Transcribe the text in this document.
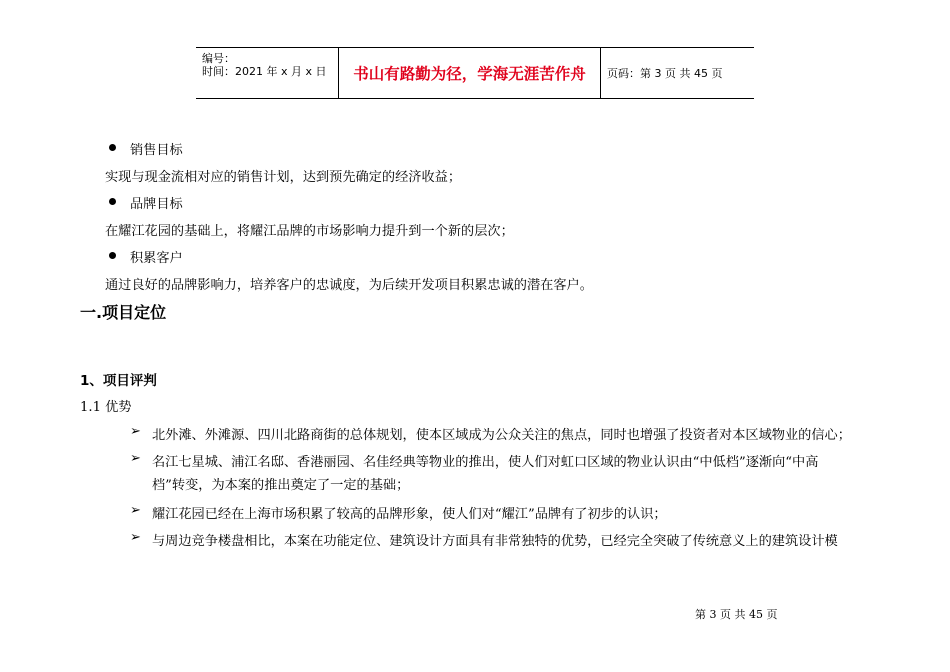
编号：
时间：2021 年 x 月 x 日	书山有路勤为径，学海无涯苦作舟 页码：第 3 页 共 45 页
销售目标
实现与现金流相对应的销售计划，达到预先确定的经济收益；
品牌目标
在耀江花园的基础上，将耀江品牌的市场影响力提升到一个新的层次；
积累客户
通过良好的品牌影响力，培养客户的忠诚度，为后续开发项目积累忠诚的潜在客户。
一.项目定位
1、项目评判
1.1 优势
➢ 北外滩、外滩源、四川北路商街的总体规划，使本区域成为公众关注的焦点，同时也增强了投资者对本区域物业的信心；
➢ 名江七星城、浦江名邸、香港丽园、名佳经典等物业的推出，使人们对虹口区域的物业认识由“中低档”逐渐向“中高
档”转变，为本案的推出奠定了一定的基础；
➢ 耀江花园已经在上海市场积累了较高的品牌形象，使人们对“耀江”品牌有了初步的认识；
➢ 与周边竞争楼盘相比，本案在功能定位、建筑设计方面具有非常独特的优势，已经完全突破了传统意义上的建筑设计模
第 3 页 共 45 页
